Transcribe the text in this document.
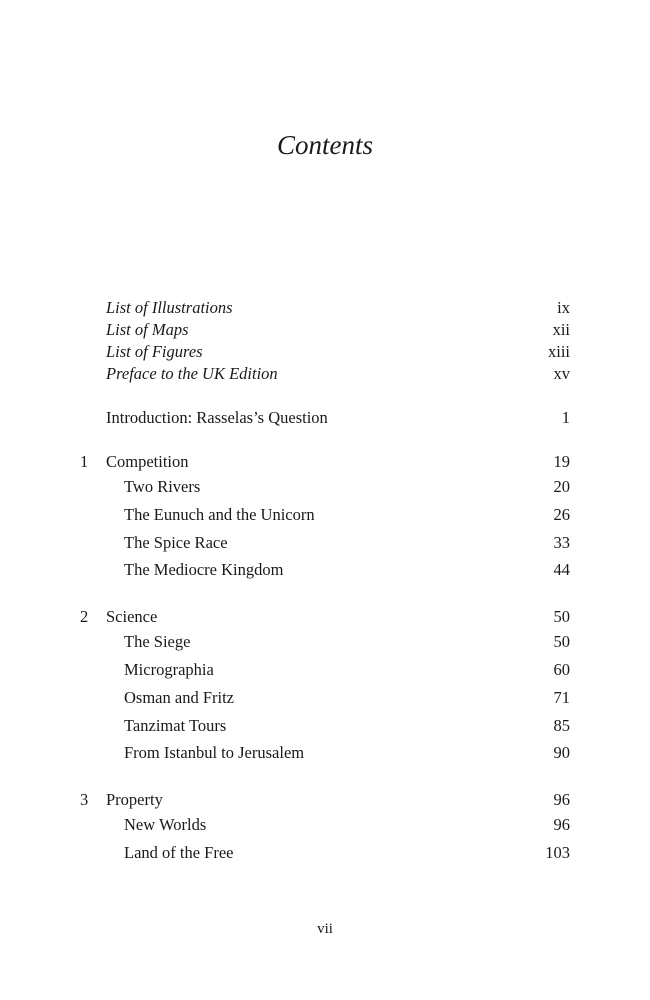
Contents
List of Illustrations	ix
List of Maps	xii
List of Figures	xiii
Preface to the UK Edition	xv
Introduction: Rasselas’s Question	1
1	Competition	19
Two Rivers	20
The Eunuch and the Unicorn	26
The Spice Race	33
The Mediocre Kingdom	44
2	Science	50
The Siege	50
Micrographia	60
Osman and Fritz	71
Tanzimat Tours	85
From Istanbul to Jerusalem	90
3	Property	96
New Worlds	96
Land of the Free	103
vii
